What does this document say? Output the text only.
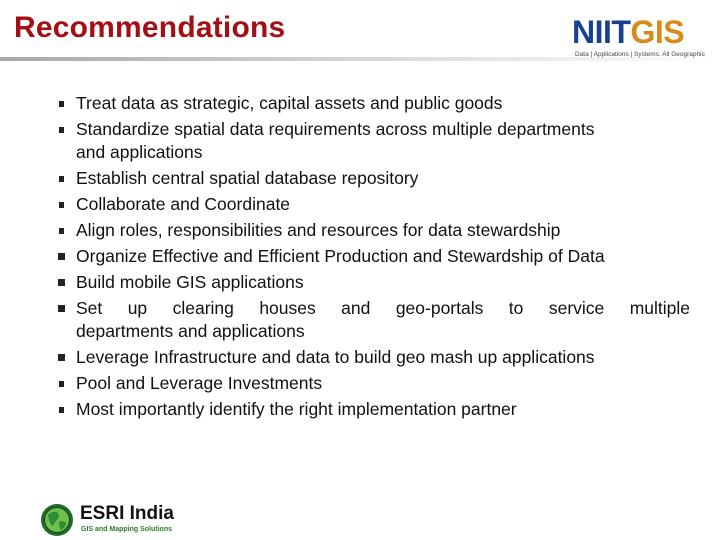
Recommendations	NIITGIS
Data | Applications | Systems. All Geographic
Treat data as strategic, capital assets and public goods
Standardize spatial data requirements across multiple departments
and applications
Establish central spatial database repository
Collaborate and Coordinate
Align roles, responsibilities and resources for data stewardship
Organize Effective and Efficient Production and Stewardship of Data
Build mobile GIS applications
Set up clearing houses and geo-portals to service multiple
departments and applications
Leverage Infrastructure and data to build geo mash up applications
Pool and Leverage Investments
Most importantly identify the right implementation partner
ESRI India
GIS and Mapping Solutions
